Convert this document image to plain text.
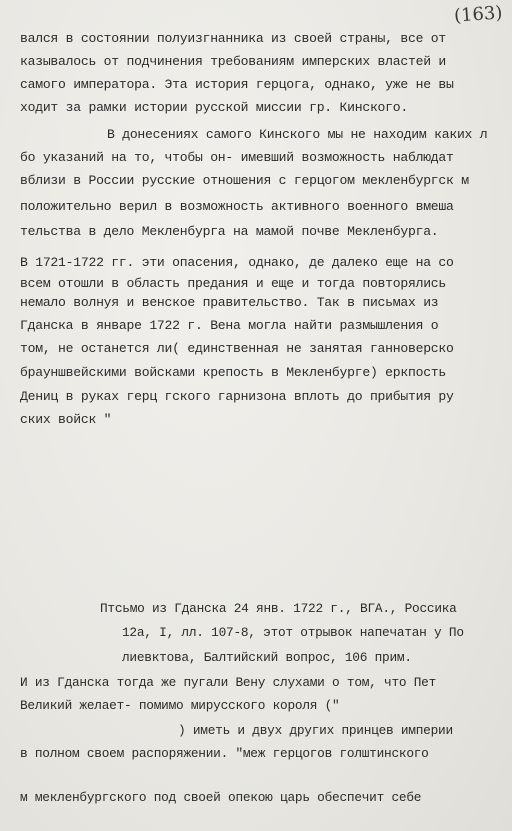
(163)
вался в состоянии полуизгнанника из своей страны, все от
казывалось от подчинения требованиям имперских властей и
самого императора. Эта история герцога, однако, уже не вы
ходит за рамки истории русской миссии гр. Кинского.
В донесениях самого Кинского мы не находим каких л
бо указаний на то, чтобы он- имевший возможность наблюдат
вблизи в России русские отношения с герцогом мекленбургск м
положительно верил в возможность активного военного вмеша
тельства в дело Мекленбурга на мамой почве Мекленбурга.
В 1721-1722 гг. эти опасения, однако, де далеко еще на со
всем отошли в область предания и еще и тогда повторялись
немало волнуя и венское правительство. Так в письмах из
Гданска в январе 1722 г. Вена могла найти размышления о
том, не останется ли( единственная не занятая ганноверско
брауншвейскими войсками крепость в Мекленбурге) еркпость
Дениц в руках герц гского гарнизона вплоть до прибытия ру
ских войск "
Птсьмо из Гданска 24 янв. 1722 г., ВГА., Россика
12а, I, лл. 107-8, этот отрывок напечатан у По
лиевктова, Балтийский вопрос, 106 прим.
И из Гданска тогда же пугали Вену слухами о том, что Пет
Великий желает- помимо мирусского короля ("
) иметь и двух других принцев империи
в полном своем распоряжении. "меж герцогов голштинского
м мекленбургского под своей опекою царь обеспечит себе
